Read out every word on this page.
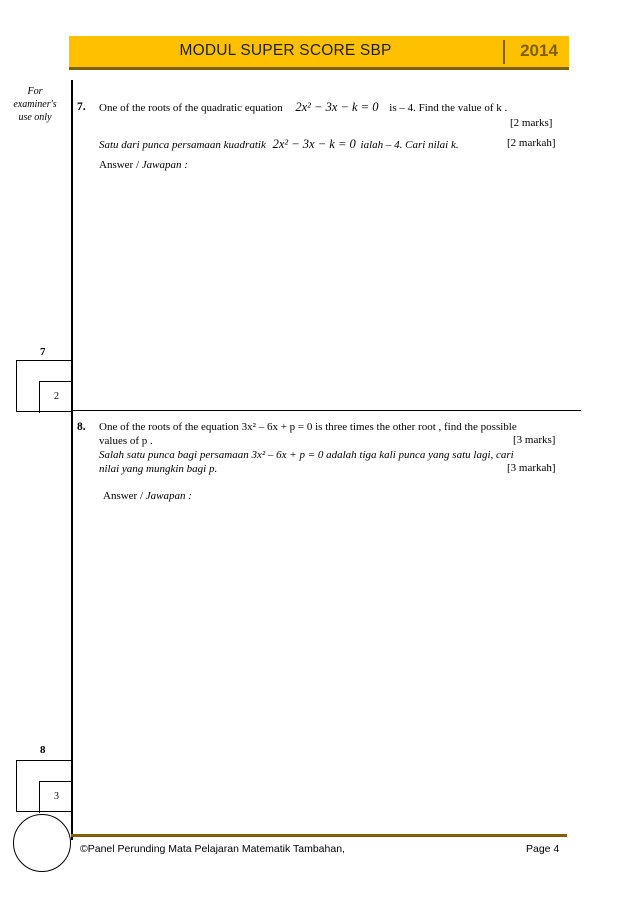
MODUL SUPER SCORE SBP	2014
For
examiner's
use only
7. One of the roots of the quadratic equation 2x² − 3x − k = 0 is – 4. Find the value of k .
[2 marks]
Satu dari punca persamaan kuadratik 2x² − 3x − k = 0 ialah – 4. Cari nilai k.	[2 markah]
Answer / Jawapan :
7
2
8. One of the roots of the equation 3x² – 6x + p = 0 is three times the other root , find the possible
values of p .	[3 marks]
Salah satu punca bagi persamaan 3x² – 6x + p = 0 adalah tiga kali punca yang satu lagi, cari
nilai yang mungkin bagi p.	[3 markah]
Answer / Jawapan :
8
3
©Panel Perunding Mata Pelajaran Matematik Tambahan,	Page 4
